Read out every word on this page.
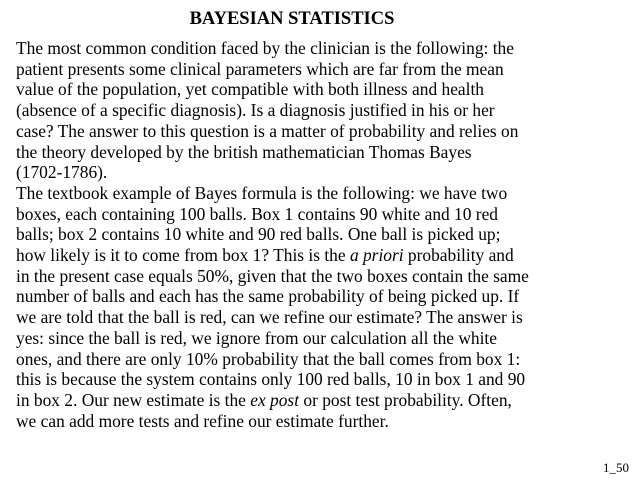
BAYESIAN STATISTICS

The most common condition faced by the clinician is the following: the
patient presents some clinical parameters which are far from the mean
value of the population, yet compatible with both illness and health
(absence of a specific diagnosis). Is a diagnosis justified in his or her
case? The answer to this question is a matter of probability and relies on
the theory developed by the british mathematician Thomas Bayes
(1702-1786).

The textbook example of Bayes formula is the following: we have two
boxes, each containing 100 balls. Box 1 contains 90 white and 10 red
balls; box 2 contains 10 white and 90 red balls. One ball is picked up;
how likely is it to come from box 1? This is the a priori probability and
in the present case equals 50%, given that the two boxes contain the same
number of balls and each has the same probability of being picked up. If
we are told that the ball is red, can we refine our estimate? The answer is
yes: since the ball is red, we ignore from our calculation all the white
ones, and there are only 10% probability that the ball comes from box 1:
this is because the system contains only 100 red balls, 10 in box 1 and 90
in box 2. Our new estimate is the ex post or post test probability. Often,
we can add more tests and refine our estimate further.

1_50
